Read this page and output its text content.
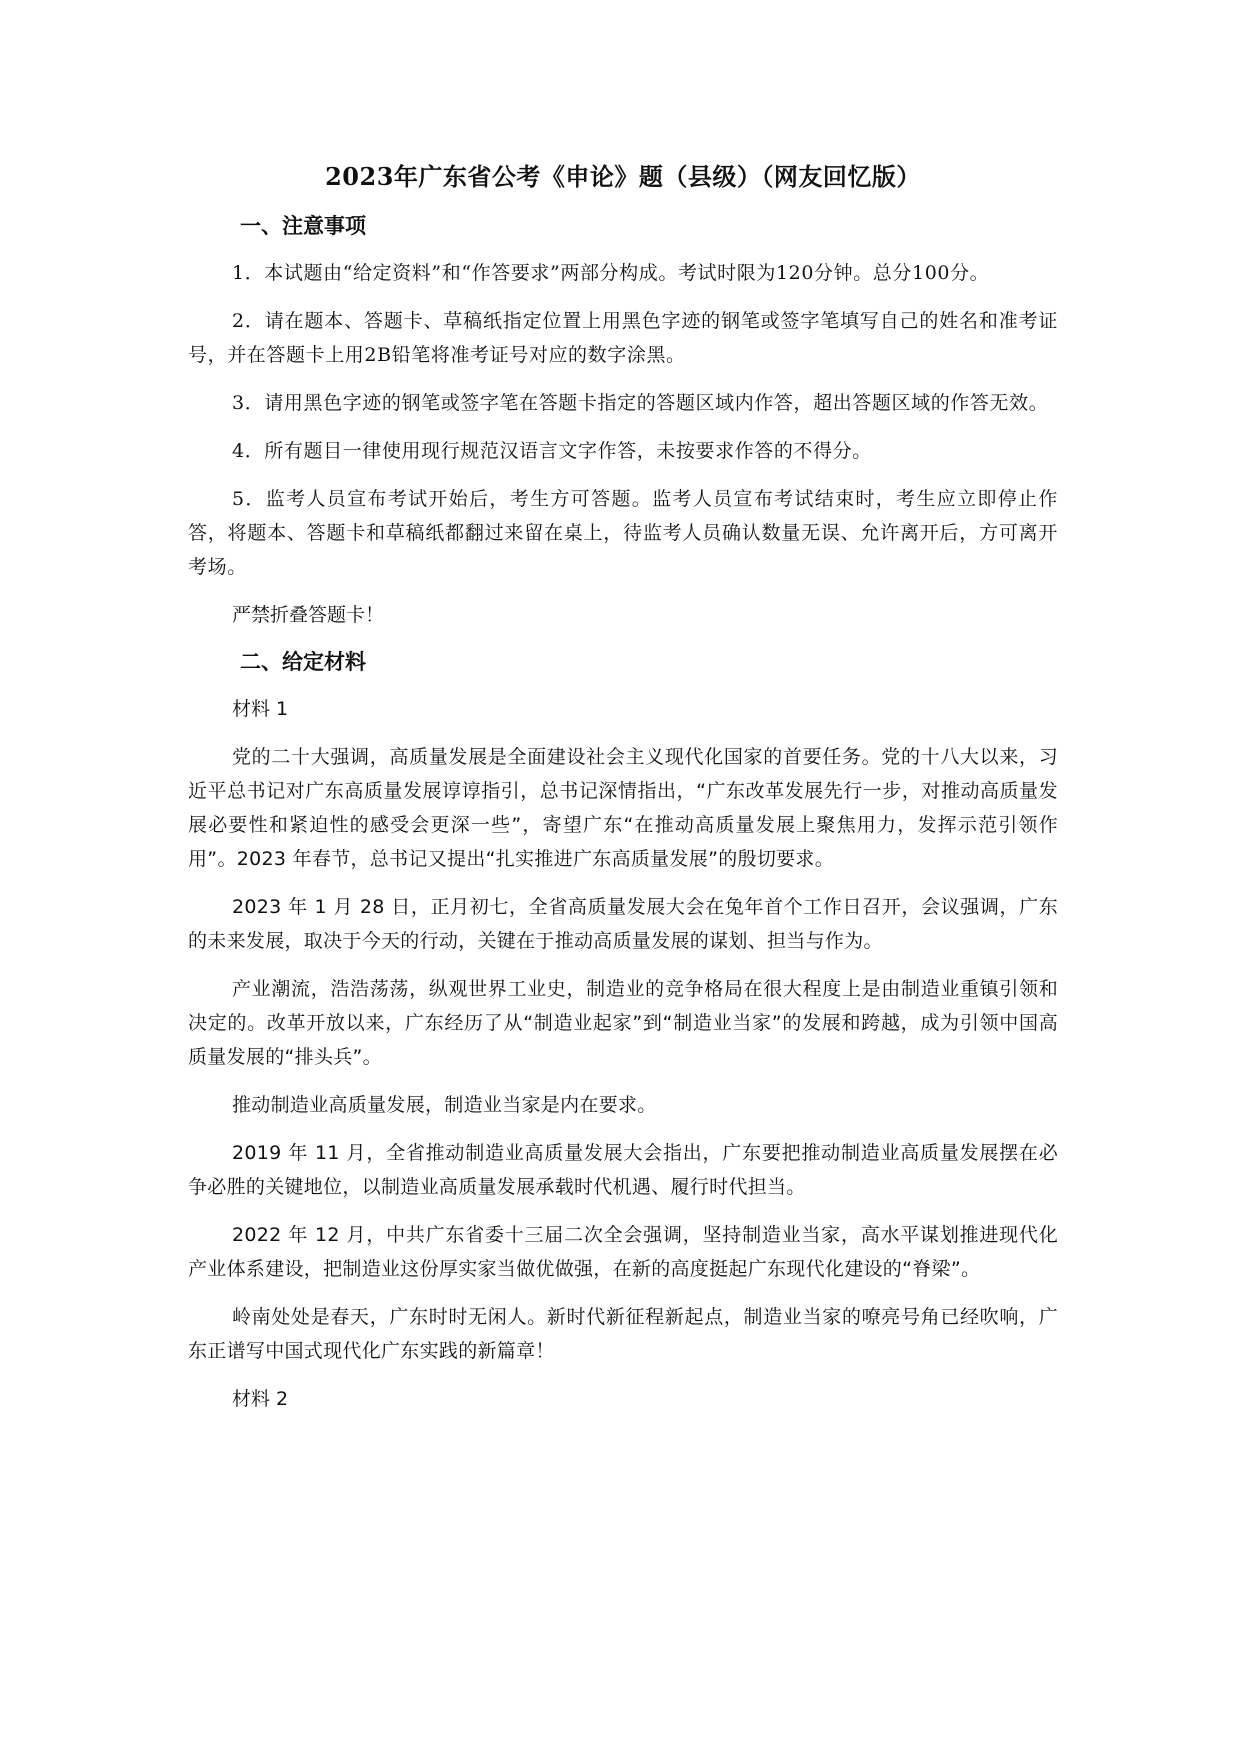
2023年广东省公考《申论》题（县级）（网友回忆版）
一、注意事项

1．本试题由“给定资料”和“作答要求”两部分构成。考试时限为120分钟。总分100分。

2．请在题本、答题卡、草稿纸指定位置上用黑色字迹的钢笔或签字笔填写自己的姓名和准考证号，并在答题卡上用2B铅笔将准考证号对应的数字涂黑。

3．请用黑色字迹的钢笔或签字笔在答题卡指定的答题区域内作答，超出答题区域的作答无效。

4．所有题目一律使用现行规范汉语言文字作答，未按要求作答的不得分。

5．监考人员宣布考试开始后，考生方可答题。监考人员宣布考试结束时，考生应立即停止作答，将题本、答题卡和草稿纸都翻过来留在桌上，待监考人员确认数量无误、允许离开后，方可离开考场。

严禁折叠答题卡！

二、给定材料

材料 1

党的二十大强调，高质量发展是全面建设社会主义现代化国家的首要任务。党的十八大以来，习近平总书记对广东高质量发展谆谆指引，总书记深情指出，“广东改革发展先行一步，对推动高质量发展必要性和紧迫性的感受会更深一些”，寄望广东“在推动高质量发展上聚焦用力，发挥示范引领作用”。2023 年春节，总书记又提出“扎实推进广东高质量发展”的殷切要求。

2023 年 1 月 28 日，正月初七，全省高质量发展大会在兔年首个工作日召开，会议强调，广东的未来发展，取决于今天的行动，关键在于推动高质量发展的谋划、担当与作为。

产业潮流，浩浩荡荡，纵观世界工业史，制造业的竞争格局在很大程度上是由制造业重镇引领和决定的。改革开放以来，广东经历了从“制造业起家”到“制造业当家”的发展和跨越，成为引领中国高质量发展的“排头兵”。

推动制造业高质量发展，制造业当家是内在要求。

2019 年 11 月，全省推动制造业高质量发展大会指出，广东要把推动制造业高质量发展摆在必争必胜的关键地位，以制造业高质量发展承载时代机遇、履行时代担当。

2022 年 12 月，中共广东省委十三届二次全会强调，坚持制造业当家，高水平谋划推进现代化产业体系建设，把制造业这份厚实家当做优做强，在新的高度挺起广东现代化建设的“脊梁”。

岭南处处是春天，广东时时无闲人。新时代新征程新起点，制造业当家的嘹亮号角已经吹响，广东正谱写中国式现代化广东实践的新篇章！

材料 2
